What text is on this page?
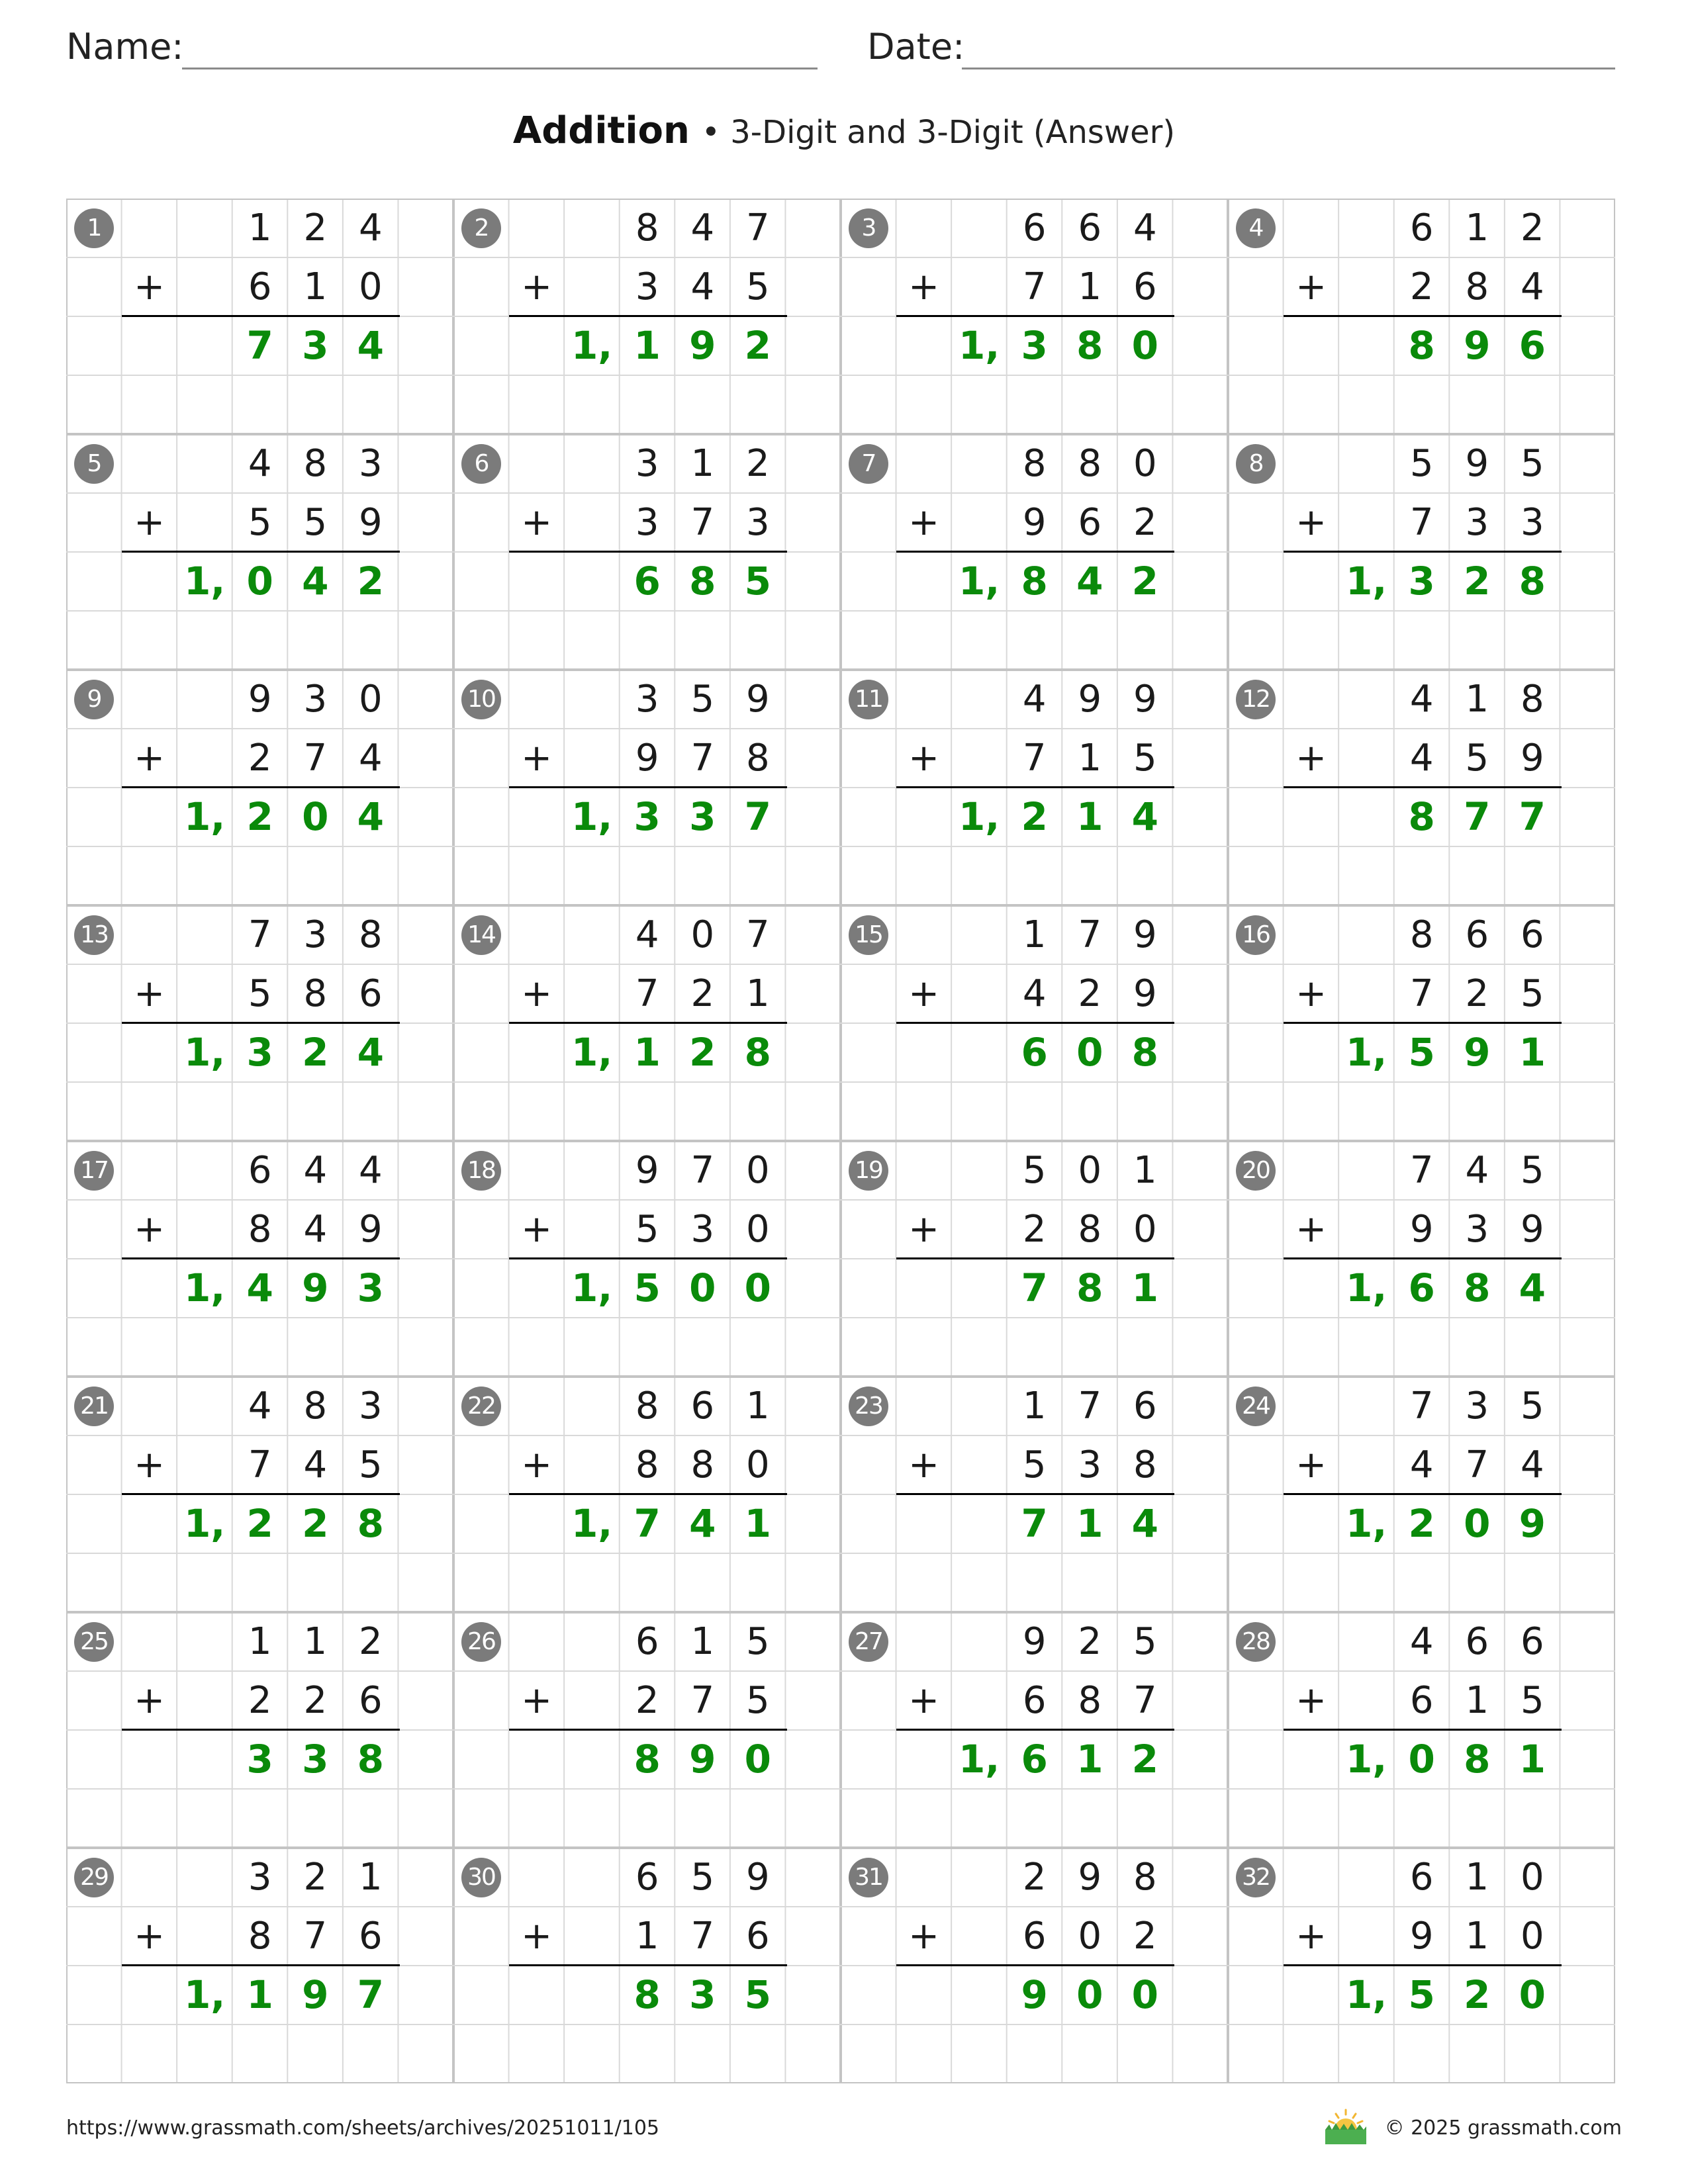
Name:	Date:
Addition • 3-Digit and 3-Digit (Answer)
1	1 2 4
+	6 1 0
7 3 4
2	8 4 7
+	3 4 5
1, 1 9 2
3	6 6 4
+	7 1 6
1, 3 8 0
4	6 1 2
+	2 8 4
8 9 6
5	4 8 3
+	5 5 9
1, 0 4 2
6	3 1 2
+	3 7 3
6 8 5
7	8 8 0
+	9 6 2
1, 8 4 2
8	5 9 5
+	7 3 3
1, 3 2 8
9	9 3 0
+	2 7 4
1, 2 0 4
10	3 5 9
+	9 7 8
1, 3 3 7
11	4 9 9
+	7 1 5
1, 2 1 4
12	4 1 8
+	4 5 9
8 7 7
13	7 3 8
+	5 8 6
1, 3 2 4
14	4 0 7
+	7 2 1
1, 1 2 8
15	1 7 9
+	4 2 9
6 0 8
16	8 6 6
+	7 2 5
1, 5 9 1
17	6 4 4
+	8 4 9
1, 4 9 3
18	9 7 0
+	5 3 0
1, 5 0 0
19	5 0 1
+	2 8 0
7 8 1
20	7 4 5
+	9 3 9
1, 6 8 4
21	4 8 3
+	7 4 5
1, 2 2 8
22	8 6 1
+	8 8 0
1, 7 4 1
23	1 7 6
+	5 3 8
7 1 4
24	7 3 5
+	4 7 4
1, 2 0 9
25	1 1 2
+	2 2 6
3 3 8
26	6 1 5
+	2 7 5
8 9 0
27	9 2 5
+	6 8 7
1, 6 1 2
28	4 6 6
+	6 1 5
1, 0 8 1
29	3 2 1
+	8 7 6
1, 1 9 7
30	6 5 9
+	1 7 6
8 3 5
31	2 9 8
+	6 0 2
9 0 0
32	6 1 0
+	9 1 0
1, 5 2 0
https://www.grassmath.com/sheets/archives/20251011/105	© 2025 grassmath.com
